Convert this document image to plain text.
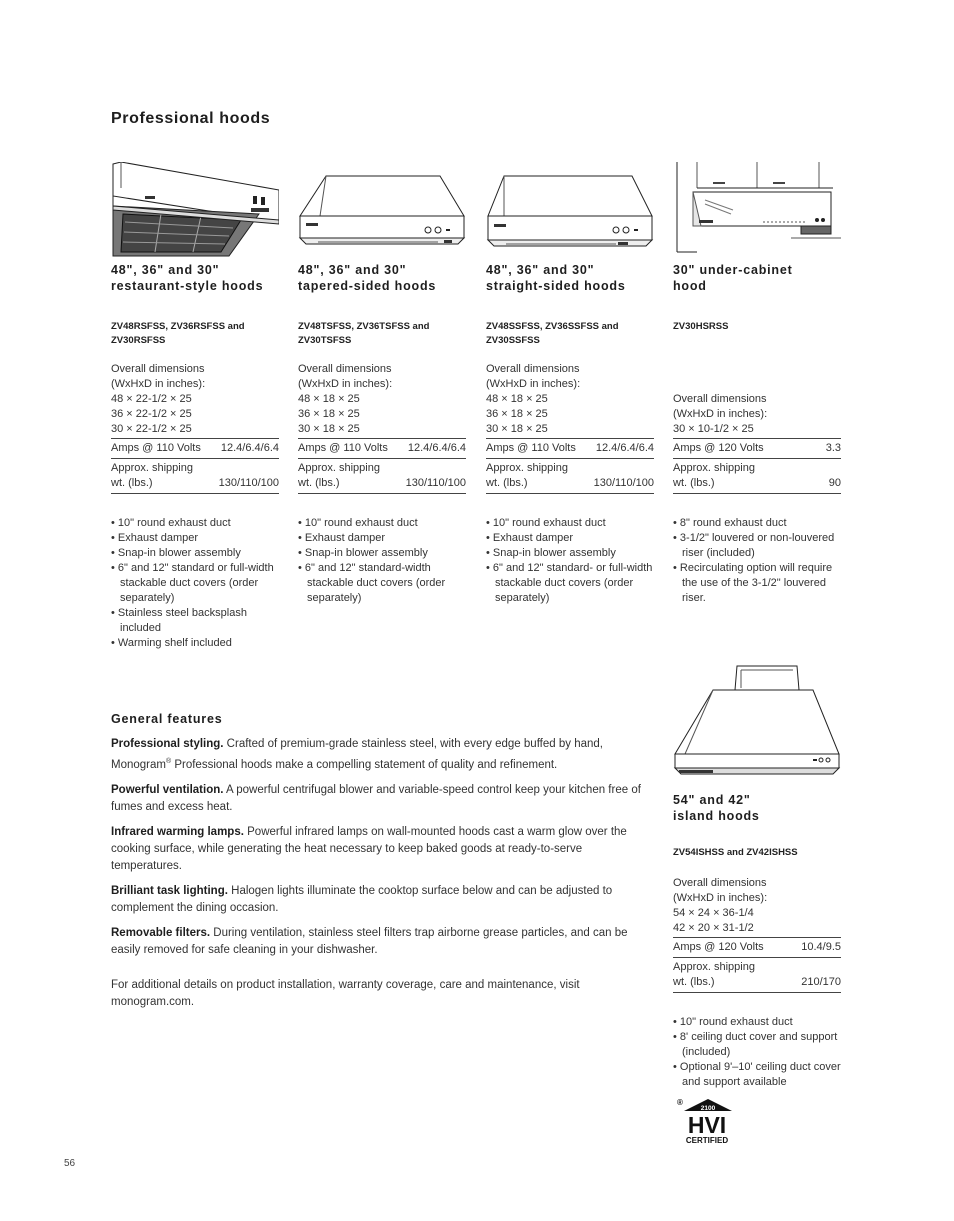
Professional hoods
48", 36" and 30"
restaurant-style hoods
ZV48RSFSS, ZV36RSFSS and ZV30RSFSS
Overall dimensions
(WxHxD in inches):
48 × 22-1/2 × 25
36 × 22-1/2 × 25
30 × 22-1/2 × 25
Amps @ 110 Volts 12.4/6.4/6.4
Approx. shipping
wt. (lbs.)	130/110/100
• 10" round exhaust duct
• Exhaust damper
• Snap-in blower assembly
• 6" and 12" standard or full-width stackable duct covers (order separately)
• Stainless steel backsplash included
• Warming shelf included
48", 36" and 30"
tapered-sided hoods
ZV48TSFSS, ZV36TSFSS and ZV30TSFSS
Overall dimensions
(WxHxD in inches):
48 × 18 × 25
36 × 18 × 25
30 × 18 × 25
Amps @ 110 Volts 12.4/6.4/6.4
Approx. shipping
wt. (lbs.)	130/110/100
• 10" round exhaust duct
• Exhaust damper
• Snap-in blower assembly
• 6" and 12" standard-width stackable duct covers (order separately)
48", 36" and 30"
straight-sided hoods
ZV48SSFSS, ZV36SSFSS and ZV30SSFSS
Overall dimensions
(WxHxD in inches):
48 × 18 × 25
36 × 18 × 25
30 × 18 × 25
Amps @ 110 Volts 12.4/6.4/6.4
Approx. shipping
wt. (lbs.)	130/110/100
• 10" round exhaust duct
• Exhaust damper
• Snap-in blower assembly
• 6" and 12" standard- or full-width stackable duct covers (order separately)
30" under-cabinet
hood
ZV30HSRSS
Overall dimensions
(WxHxD in inches):
30 × 10-1/2 × 25
Amps @ 120 Volts	3.3
Approx. shipping
wt. (lbs.)	90
• 8" round exhaust duct
• 3-1/2" louvered or non-louvered riser (included)
• Recirculating option will require the use of the 3-1/2" louvered riser.
54" and 42"
island hoods
ZV54ISHSS and ZV42ISHSS
Overall dimensions
(WxHxD in inches):
54 × 24 × 36-1/4
42 × 20 × 31-1/2
Amps @ 120 Volts	10.4/9.5
Approx. shipping
wt. (lbs.)	210/170
• 10" round exhaust duct
• 8' ceiling duct cover and support (included)
• Optional 9'–10' ceiling duct cover and support available
General features

Professional styling. Crafted of premium-grade stainless steel, with every edge buffed by hand, Monogram® Professional hoods make a compelling statement of quality and refinement.

Powerful ventilation. A powerful centrifugal blower and variable-speed control keep your kitchen free of fumes and excess heat.

Infrared warming lamps. Powerful infrared lamps on wall-mounted hoods cast a warm glow over the cooking surface, while generating the heat necessary to keep baked goods at ready-to-serve temperatures.

Brilliant task lighting. Halogen lights illuminate the cooktop surface below and can be adjusted to complement the dining occasion.

Removable filters. During ventilation, stainless steel filters trap airborne grease particles, and can be easily removed for safe cleaning in your dishwasher.

For additional details on product installation, warranty coverage, care and maintenance, visit monogram.com.
®
2100
HVI
CERTIFIED
56
